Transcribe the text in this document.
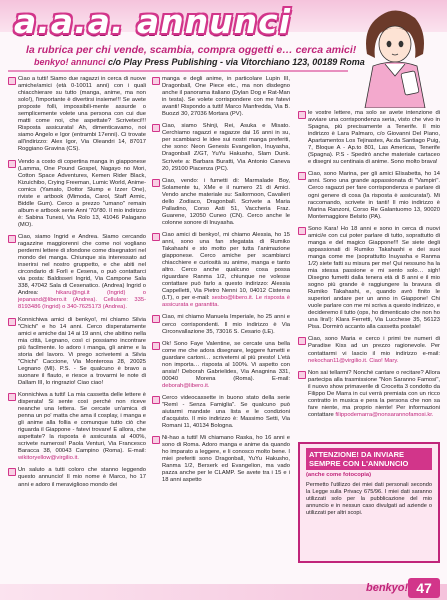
a.a.a. annunci
la rubrica per chi vende, scambia, compra oggetti e… cerca amici!
benkyo! annunci c/o Play Press Publishing - via Vitorchiano 123, 00189 Roma
Ciao a tutti! Siamo due ragazzi in cerca di nuove amiche/amici (età 0-10011 anni) con i quali chiacchierare su tutto (manga, anime, ma non solo!), l'importante è divertirsi insieme!!! Se avete proposte folli, impossibili-mente assurde o semplicemente volete una persona con cui due matti come noi, che aspettate? Scriveteci!!! Risposta assicurata! Ah, dimenticavamo, noi siamo Angelo e Igor (entrambi 17enni). Ci trovate all'indirizzo: Alex Igor, Via Oleandri 14, 87017 Roggiano Gravina (CS).
Vendo a costo di copertina manga in giapponese (Lamma, One Pound Gospel, Nagayo no Mori, Cotton Space Adventures, Kemen Rider Black, Kizuichibo, Crying Freeman, Lumic World, Anime-comics (Yamato, Dottor Slump e Izzer One), riviste e artbook (Mimoda, Carol, Staff Armic, Biddle Gum). Cerco a prezzo "umano" remain album e artbook serie Anni '70/'80. Il mio indirizzo è: Sabina Tunesi, Via Rolo 13, 41046 Palagano (MO).
Ciao, siamo Ingrid e Andrea. Siamo cercando ragazzine maggiorenni che come noi vogliano perdermi lettere di sfondone come disegnatori nel mondo dei manga. Chiunque sia interessato ad inserirsi nel nostro gruppetto, e che abiti nel circondario di Forlì e Cesena, o può contattarci via posta: Baldisseri Ingrid, Via Campone Sala 338, 47042 Sala di Cesenatico. (Andrea) Ingrid o Andrea: hikaru@ngi.it (Ingrid) o jepanand@libero.it (Andrea). Cellulare: 335-8193486 (Ingrid) o 340-7625173 (Andrea).
Konnichiwa amici di benkyo!, mi chiamo Silvia "Chichi" e ho 14 anni. Cerco disperatamente amici e amiche dai 14 ai 19 anni, che abitino nella mia città, Legnano, così ci possiamo incontrare più facilmente. Io adoro i manga, gli anime e la storia del lavoro. Vi prego scrivetemi a Silvia "Chichi" Caccione, Via Monterosa 28, 20025 Legnano (MI). P.S. - Se qualcuno è bravo a suonare il flauto, e riesce a trovarmi le note di Dallam III, lo ringrazio! Ciao ciao!
Konnichiwa a tutti! La mia cassetta delle lettere è disperata! Si sente così perché non riceve neanche una lettera. Se cercate un'amica di penna un po' matta che ama il cosplay, i manga e gli anime alla follia e comunque tutto ciò che riguarda il Giappone - fatevi trovare! E allora, che aspettate? la risposta è assicurata al 400%, scrivete numerosi! Paola Venturi, Via Francesco Baracca 38, 00043 Campino (Roma). E-mail: wikitoryellow@virgilio.it.
Un saluto a tutti coloro che stanno leggendo questo annuncio! Il mio nome è Marco, ho 17 anni e adoro il meraviglioso mondo dei
manga e degli anime, in particolare Lupin III, Dragonball, One Piece etc., ma non disdegno anche il panorama italiano (Dylan Dog e Rat-Man in testa). Se volete corrispondere con me fatevi avanti! Rispondo a tutti! Marco Manfredda, Via B. Buozzi 30, 27036 Mortara (PV).
Ciao, siamo Shinji, Rei, Asuka e Misato. Cerchiamo ragazzi e ragazze dai 16 anni in su, per scambiarci le idee sui nostri manga preferiti, che sono: Neon Genesis Evangelion, Inuyasha, Dragonball Z/GT, YuYu Hakusho, Slam Dunk. Scrivete a: Barbara Buratti, Via Antonio Caneva 20, 29100 Piacenza (PC).
Ciao, vendo: i fumetti di: Marmalade Boy, Solamente tu, XMe e il numero 21 di Amici. Vendo anche materiale su: Sailormoon, Cavalieri dello Zodiaco, Dragonball. Scrivete a Maria Palladino, Corso Asti 51, Vaccheria Fraz. Guarene, 12050 Cuneo (CN). Cerco anche le colonne sonore di Inuyasha.
Ciao amici di benkyo!, mi chiamo Alessia, ho 15 anni, sono una fan sfegatata di Rumiko Takahashi e sto motto per tutta l'animazione giapponese. Cerco amiche per scambiarci chiacchiere e curiosità su anime, manga e tanto altro. Cerco anche qualcuno cosa possa riguardare Ranma 1/2, chiunque ne volesse contattare può farlo a questo indirizzo: Alessia Cappelletti, Via Pietro Nenni 10, 04012 Cisterna (LT), o per e-mail: sesbo@libero.it. Le risposta è assicurata e garantita.
Ciao, mi chiamo Manuela Imperiale, ho 25 anni e cerco corrispondenti. Il mio indirizzo è Via Circonvallazione 35, 73016 S. Cesario (LE).
Ok! Sono Faye Valentine, se cercate una bella come me che adora disegnare, leggere fumetti e guardare cartoni… scrivetemi al più presto! L'età non importa… risposta al 100%. Vi aspetto con ansia!! Deborah Gabrielides, Via Anagnina 331, 00040 Morena (Roma). E-mail: deborah@libero.it.
Cerco videocassette in buono stato della serie "Remì - Senza Famiglia". Se qualcuno può aiutarmi mandate una lista e le condizioni d'acquisto. Il mio indirizzo è: Massimo Setti, Via Romani 11, 40134 Bologna.
Ni-hao a tutti! Mi chiamano Raska, ho 16 anni e sono di Roma. Adoro manga e anime da quando ho imparato a leggere, e li conosco molto bene. I miei preferiti sono Dragonball, YuYu Hakusho, Ranma 1/2, Berserk ed Evangelion, ma vado pazza anche per le CLAMP. Se avete tra i 15 e i 18 anni aspetto
le vostre lettere, ma solo se avete intenzione di avviare una corrispondenza seria, visto che vivo in Spagna, più precisamente a Tenerife. Il mio indirizzo è Lara Palmaro, c/o Giovanni Del Piano, Apartamentos Los Tejinastes, Av.da Santiago Puig, 7, Bloque A - Ap.to 801, Las Americas, Tenerife (Spagna). P.S - Spedirò anche materiale cartaceo e disegni su centinaia di anime. Sono molto brava!
Ciao, sono Marina, per gli amici Elisabetta, ho 14 anni. Sono una grande appassionata di "Vampiri". Cerco ragazzi per fare corrispondenza e parlare di ogni genere di cosa (la risposta è assicurata!). Mi raccomando, scrivete in tanti! Il mio indirizzo è Marina Ranzoni, Corso Re Galantuomo 13, 90020 Montemaggiore Belsito (PA).
Sono Kara! Ho 18 anni e sono in cerca di nuovi amici/e con cui poter parlare di tutto, soprattutto di manga e del magico Giappone!!! Se siete degli appassionati di Rumiko Takahashi e dei suoi manga come me (soprattutto Inuyasha e Ranma 1/2) siete fatti su misura per me! Qui nessuno ha la mia stessa passione e mi sento solo… sigh! Disegno fumetti dalla tenera età di 8 anni e il mio sogno più grande è raggiungere la bravura di Rumiko Takahashi, e, quando avrò finito le superiori andare per un anno in Giappone! Chi vuole parlare con me mi scriva a questo indirizzo, e decideremo il tutto (ops, ho dimenticato che non ho una lira!): Klara Ferretti, Via Lucchese 35, 56123 Pisa. Dormirò accanto alla cassetta postale!
Ciao, sono Maria e cerco i primi tre numeri di Paradise Kiss ad un prezzo ragionevole. Per contattarmi vi lascio il mio indirizzo e-mail: nekochan11@virgilio.it. Ciao! Mary.
Non sai tellarmi? Nonché cantare o recitare? Allora partecipa alla trasmissione "Non Saranno Famosi", il nuovo show primaverile di Crocetta 3 condotto da Filippo De Marra in cui verrà premiata con un ricco contratto in musica e pera la persona che non sa fare niente, ma proprio niente! Per informazioni contattare filippodemarra@nonsarannofamosi.kr.
ATTENZIONE! DA INVIARE SEMPRE CON L'ANNUNCIO
(anche come fotocopia)
Permetto l'utilizzo dei miei dati personali secondo la Legge sulla Privacy 675/96. I miei dati saranno utilizzati solo per la pubblicazione del mio annuncio e in nessun caso divulgati ad aziende o utilizzati per altri scopi.
benkyo! 47
